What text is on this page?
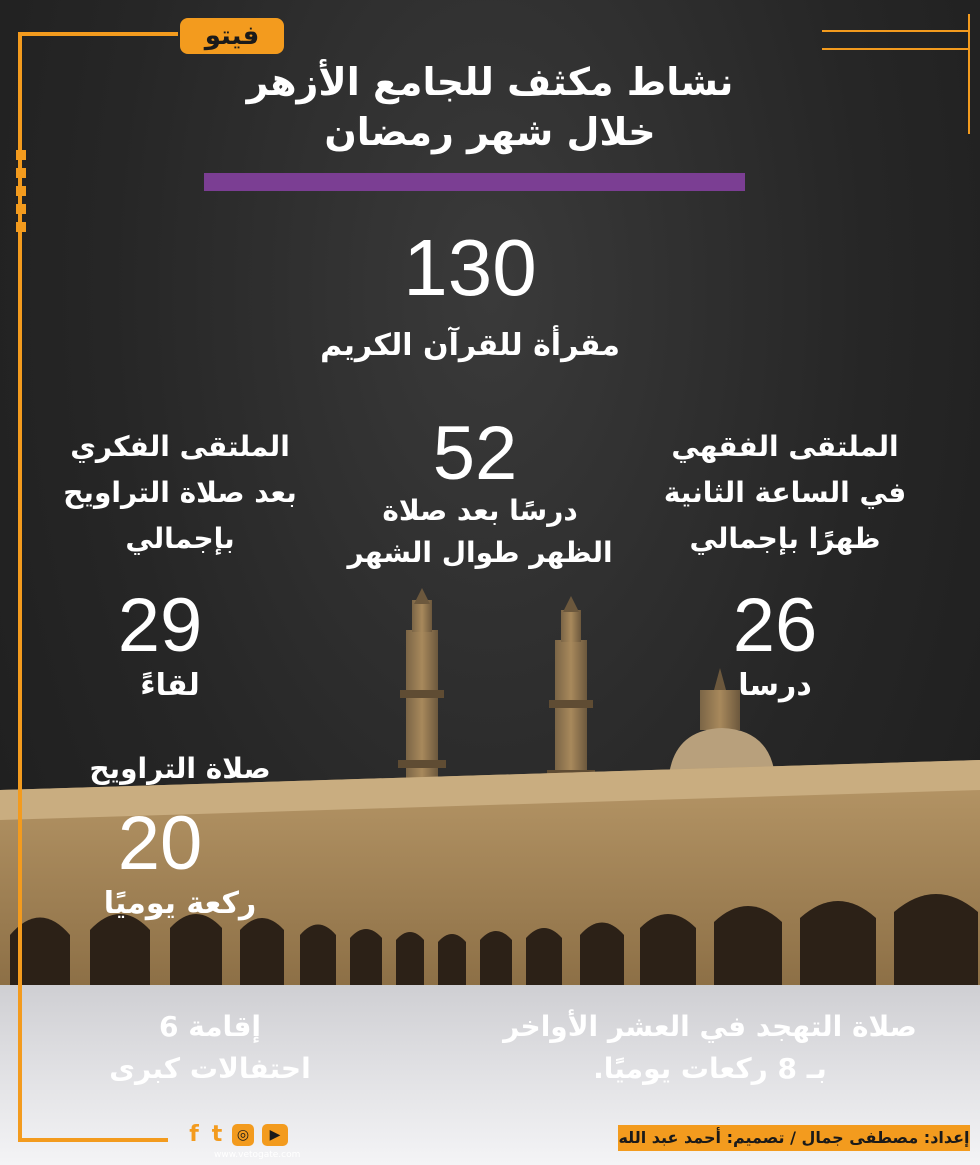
فيتو
نشاط مكثف للجامع الأزهر
خلال شهر رمضان
130
مقرأة للقرآن الكريم
52
درسًا بعد صلاة
الظهر طوال الشهر
الملتقى الفقهي
في الساعة الثانية
ظهرًا بإجمالي
26
درسا
الملتقى الفكري
بعد صلاة التراويح
بإجمالي
29
لقاءً
صلاة التراويح
20
ركعة يوميًا
إقامة 6
احتفالات كبرى
صلاة التهجد في العشر الأواخر
بـ 8 ركعات يوميًا.
إعداد: مصطفى جمال / تصميم: أحمد عبد الله
f t	◎	▶
www.vetogate.com
